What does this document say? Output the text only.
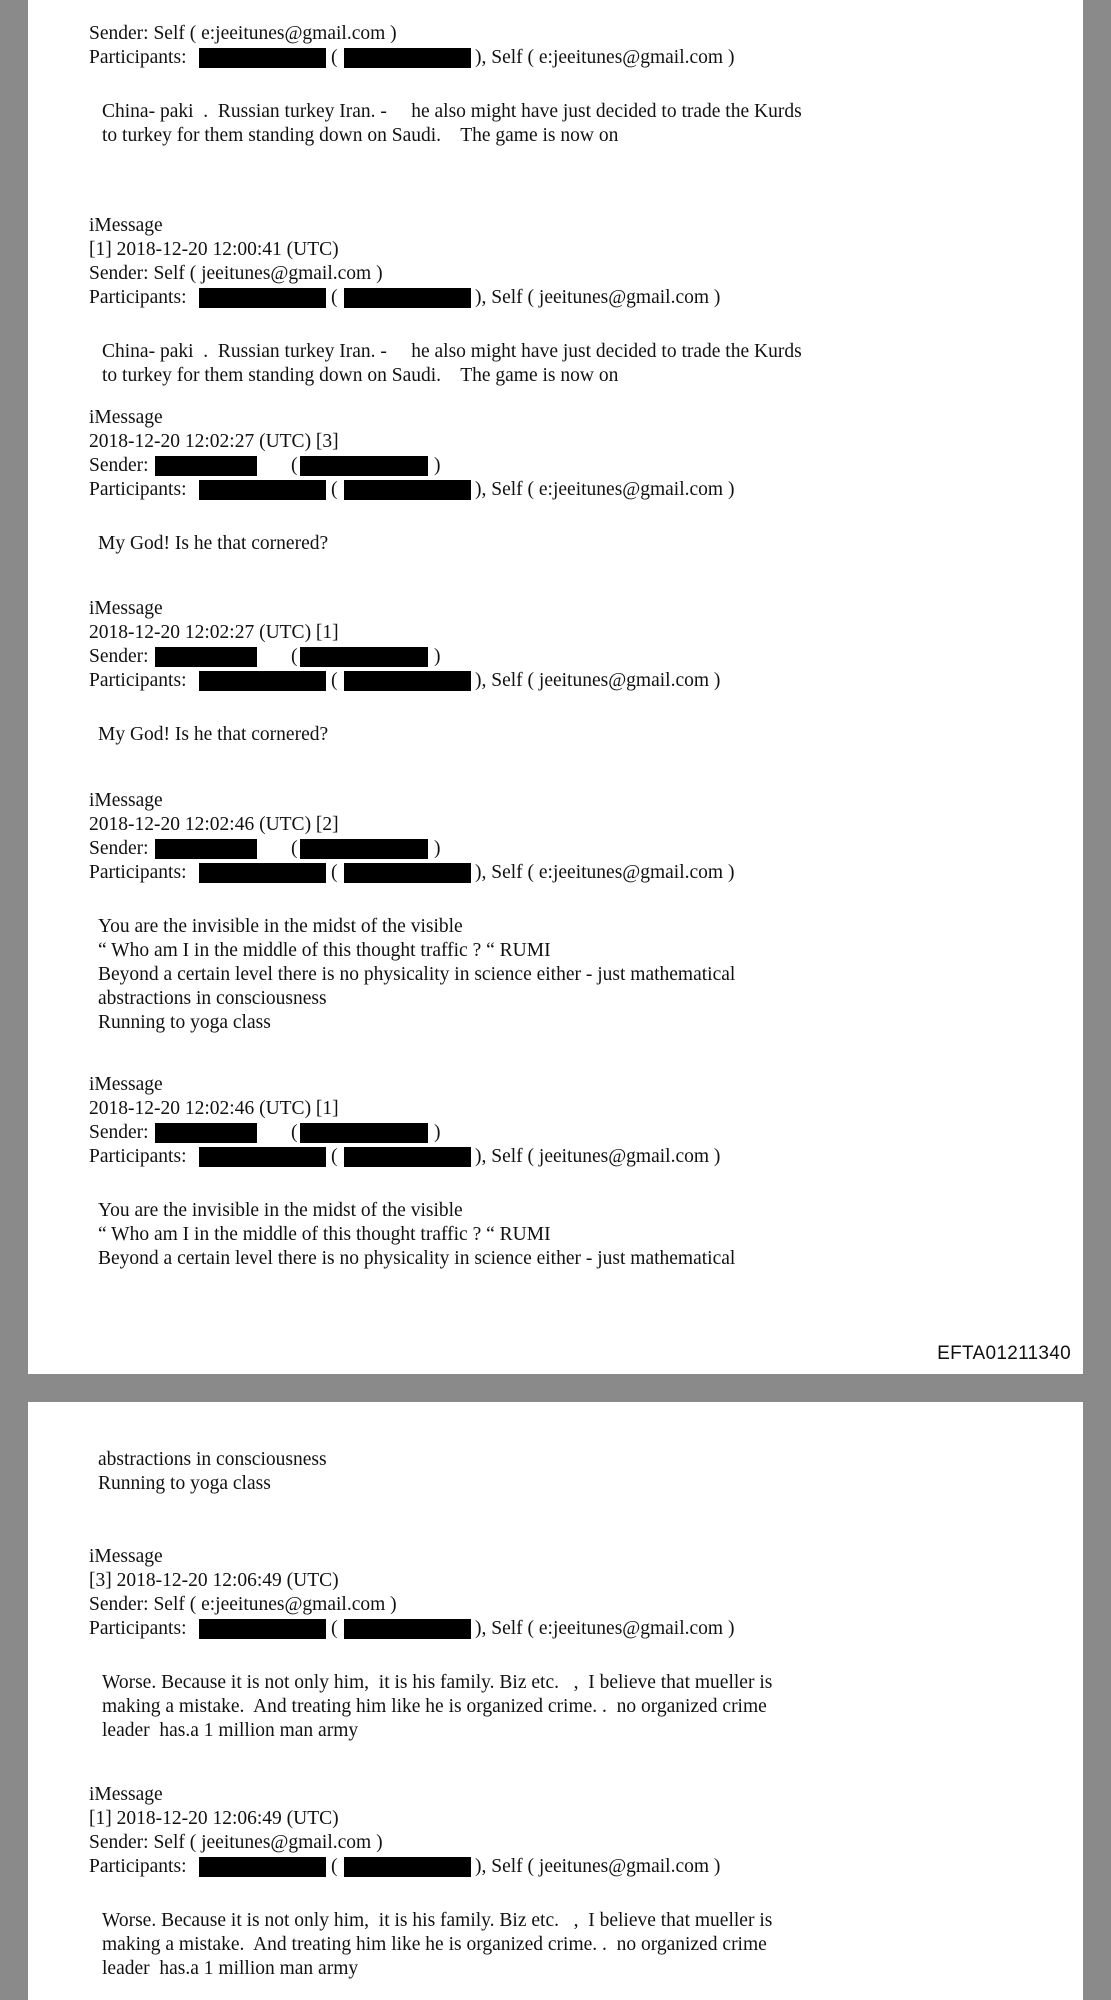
EFTA01211340
Sender: Self ( e:jeeitunes@gmail.com )
Participants:	(	), Self ( e:jeeitunes@gmail.com )
China- paki  .  Russian turkey Iran. -     he also might have just decided to trade the Kurds
to turkey for them standing down on Saudi.    The game is now on
iMessage
[1] 2018-12-20 12:00:41 (UTC)
Sender: Self ( jeeitunes@gmail.com )
Participants:	(	), Self ( jeeitunes@gmail.com )
China- paki  .  Russian turkey Iran. -     he also might have just decided to trade the Kurds
to turkey for them standing down on Saudi.    The game is now on
iMessage
2018-12-20 12:02:27 (UTC) [3]
Sender:	(	)
Participants:	(	), Self ( e:jeeitunes@gmail.com )
My God! Is he that cornered?
iMessage
2018-12-20 12:02:27 (UTC) [1]
Sender:	(	)
Participants:	(	), Self ( jeeitunes@gmail.com )
My God! Is he that cornered?
iMessage
2018-12-20 12:02:46 (UTC) [2]
Sender:	(	)
Participants:	(	), Self ( e:jeeitunes@gmail.com )
You are the invisible in the midst of the visible
“ Who am I in the middle of this thought traffic ? “ RUMI
Beyond a certain level there is no physicality in science either - just mathematical
abstractions in consciousness
Running to yoga class
iMessage
2018-12-20 12:02:46 (UTC) [1]
Sender:	(	)
Participants:	(	), Self ( jeeitunes@gmail.com )
You are the invisible in the midst of the visible
“ Who am I in the middle of this thought traffic ? “ RUMI
Beyond a certain level there is no physicality in science either - just mathematical
abstractions in consciousness
Running to yoga class
iMessage
[3] 2018-12-20 12:06:49 (UTC)
Sender: Self ( e:jeeitunes@gmail.com )
Participants:	(	), Self ( e:jeeitunes@gmail.com )
Worse. Because it is not only him,  it is his family. Biz etc.   ,  I believe that mueller is
making a mistake.  And treating him like he is organized crime. .  no organized crime
leader  has.a 1 million man army
iMessage
[1] 2018-12-20 12:06:49 (UTC)
Sender: Self ( jeeitunes@gmail.com )
Participants:	(	), Self ( jeeitunes@gmail.com )
Worse. Because it is not only him,  it is his family. Biz etc.   ,  I believe that mueller is
making a mistake.  And treating him like he is organized crime. .  no organized crime
leader  has.a 1 million man army
